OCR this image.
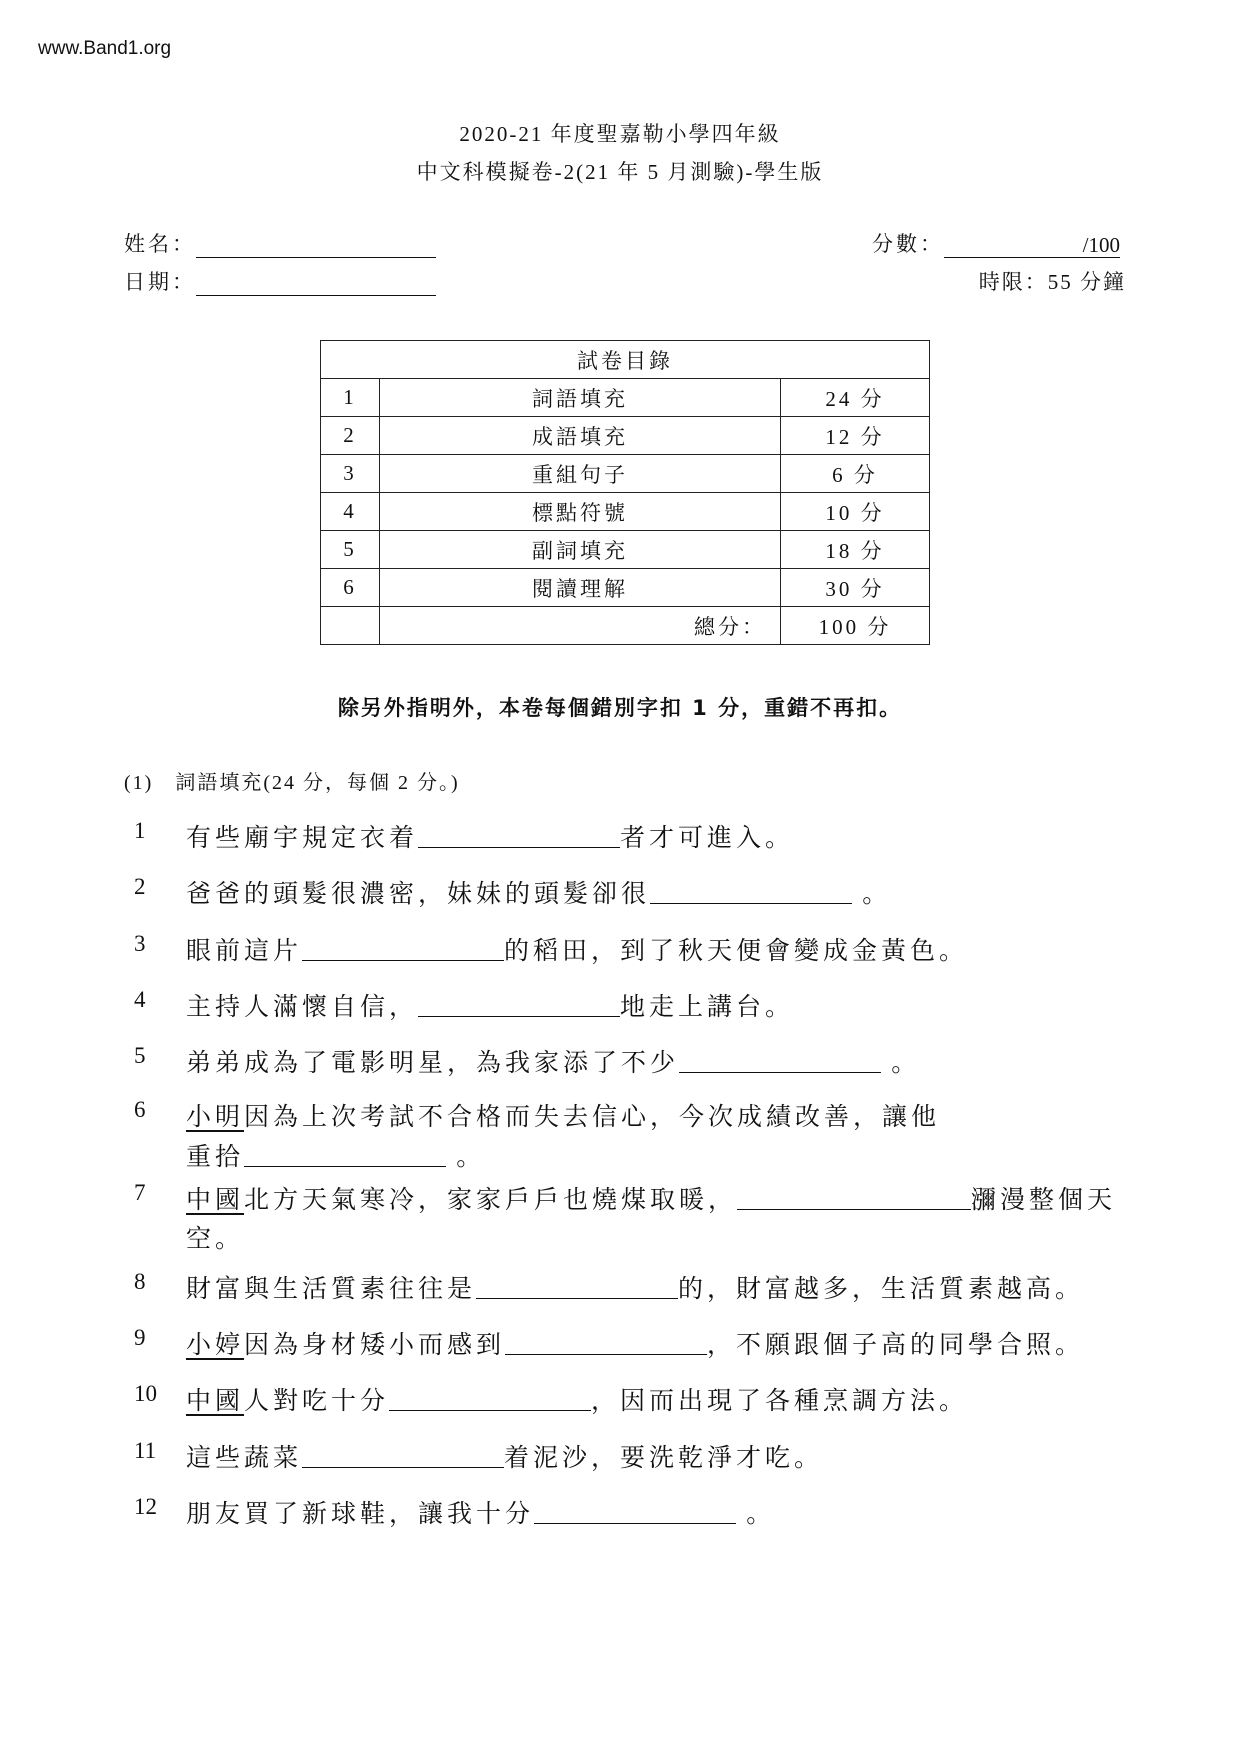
www.Band1.org
2020-21 年度聖嘉勒小學四年級
中文科模擬卷-2(21 年 5 月測驗)-學生版
姓名：
日期：
分數：	/100
時限：55 分鐘
試卷目錄		
1	詞語填充	24 分
2	成語填充	12 分
3	重組句子	6 分
4	標點符號	10 分
5	副詞填充	18 分
6	閱讀理解	30 分
	總分：	100 分
除另外指明外，本卷每個錯別字扣 1 分，重錯不再扣。
(1)　詞語填充(24 分，每個 2 分。)
1	有些廟宇規定衣着	者才可進入。
2	爸爸的頭髮很濃密，妹妹的頭髮卻很	。
3	眼前這片	的稻田，到了秋天便會變成金黃色。
4	主持人滿懷自信，	地走上講台。
5	弟弟成為了電影明星，為我家添了不少	。
6	小明因為上次考試不合格而失去信心，今次成績改善，讓他
重拾	。
7	中國北方天氣寒冷，家家戶戶也燒煤取暖，	瀰漫整個天
空。
8	財富與生活質素往往是	的，財富越多，生活質素越高。
9	小婷因為身材矮小而感到	，不願跟個子高的同學合照。
10	中國人對吃十分	，因而出現了各種烹調方法。
11	這些蔬菜	着泥沙，要洗乾淨才吃。
12	朋友買了新球鞋，讓我十分	。
